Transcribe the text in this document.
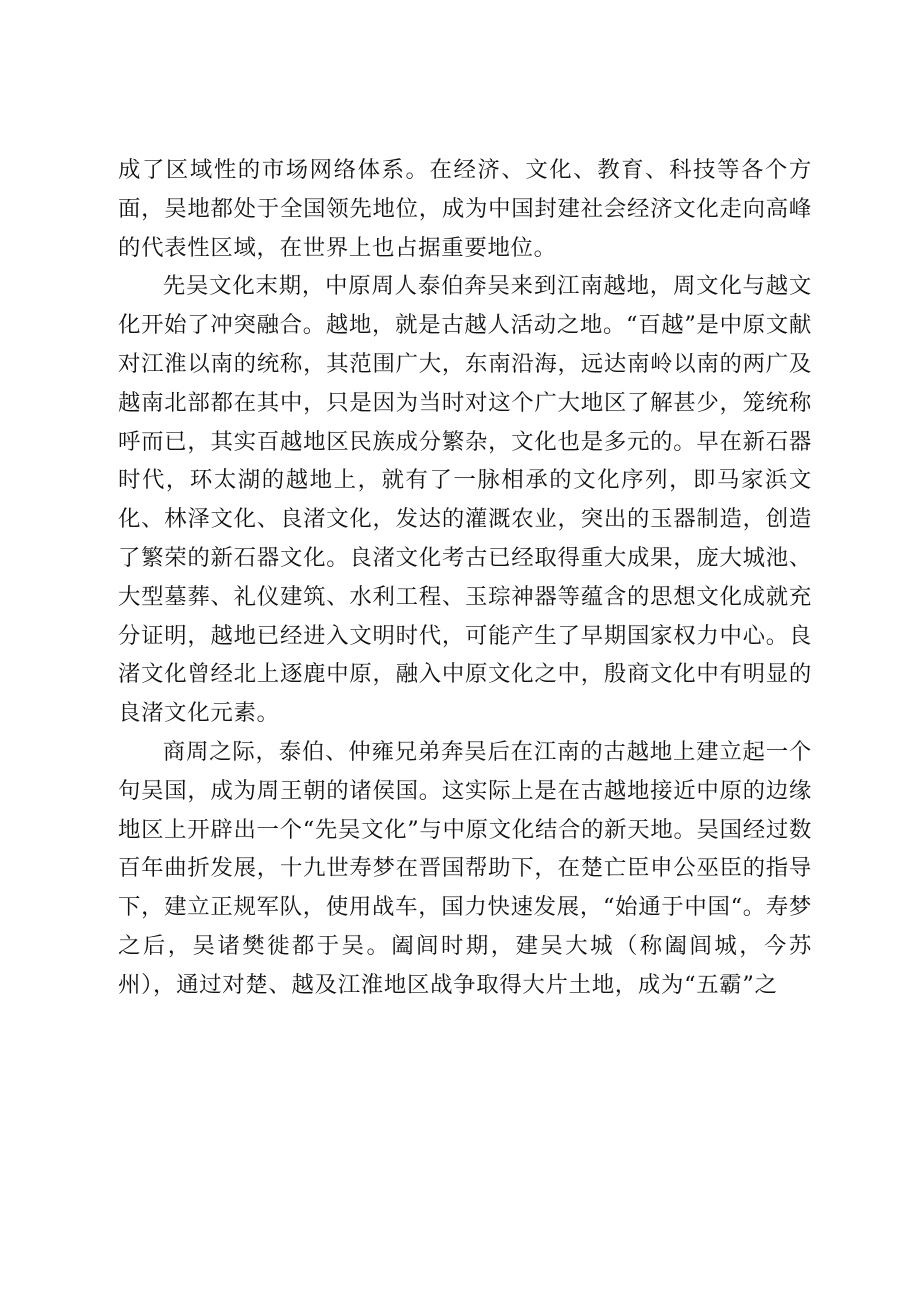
成了区域性的市场网络体系。在经济、文化、教育、科技等各个方面，吴地都处于全国领先地位，成为中国封建社会经济文化走向高峰的代表性区域，在世界上也占据重要地位。

先吴文化末期，中原周人泰伯奔吴来到江南越地，周文化与越文化开始了冲突融合。越地，就是古越人活动之地。“百越”是中原文献对江淮以南的统称，其范围广大，东南沿海，远达南岭以南的两广及越南北部都在其中，只是因为当时对这个广大地区了解甚少，笼统称呼而已，其实百越地区民族成分繁杂，文化也是多元的。早在新石器时代，环太湖的越地上，就有了一脉相承的文化序列，即马家浜文化、林泽文化、良渚文化，发达的灌溉农业，突出的玉器制造，创造了繁荣的新石器文化。良渚文化考古已经取得重大成果，庞大城池、大型墓葬、礼仪建筑、水利工程、玉琮神器等蕴含的思想文化成就充分证明，越地已经进入文明时代，可能产生了早期国家权力中心。良渚文化曾经北上逐鹿中原，融入中原文化之中，殷商文化中有明显的良渚文化元素。

商周之际，泰伯、仲雍兄弟奔吴后在江南的古越地上建立起一个句吴国，成为周王朝的诸侯国。这实际上是在古越地接近中原的边缘地区上开辟出一个“先吴文化”与中原文化结合的新天地。吴国经过数百年曲折发展，十九世寿梦在晋国帮助下，在楚亡臣申公巫臣的指导下，建立正规军队，使用战车，国力快速发展，“始通于中国“。寿梦之后，吴诸樊徙都于吴。阖闾时期，建吴大城（称阖闾城，今苏州），通过对楚、越及江淮地区战争取得大片土地，成为“五霸”之
